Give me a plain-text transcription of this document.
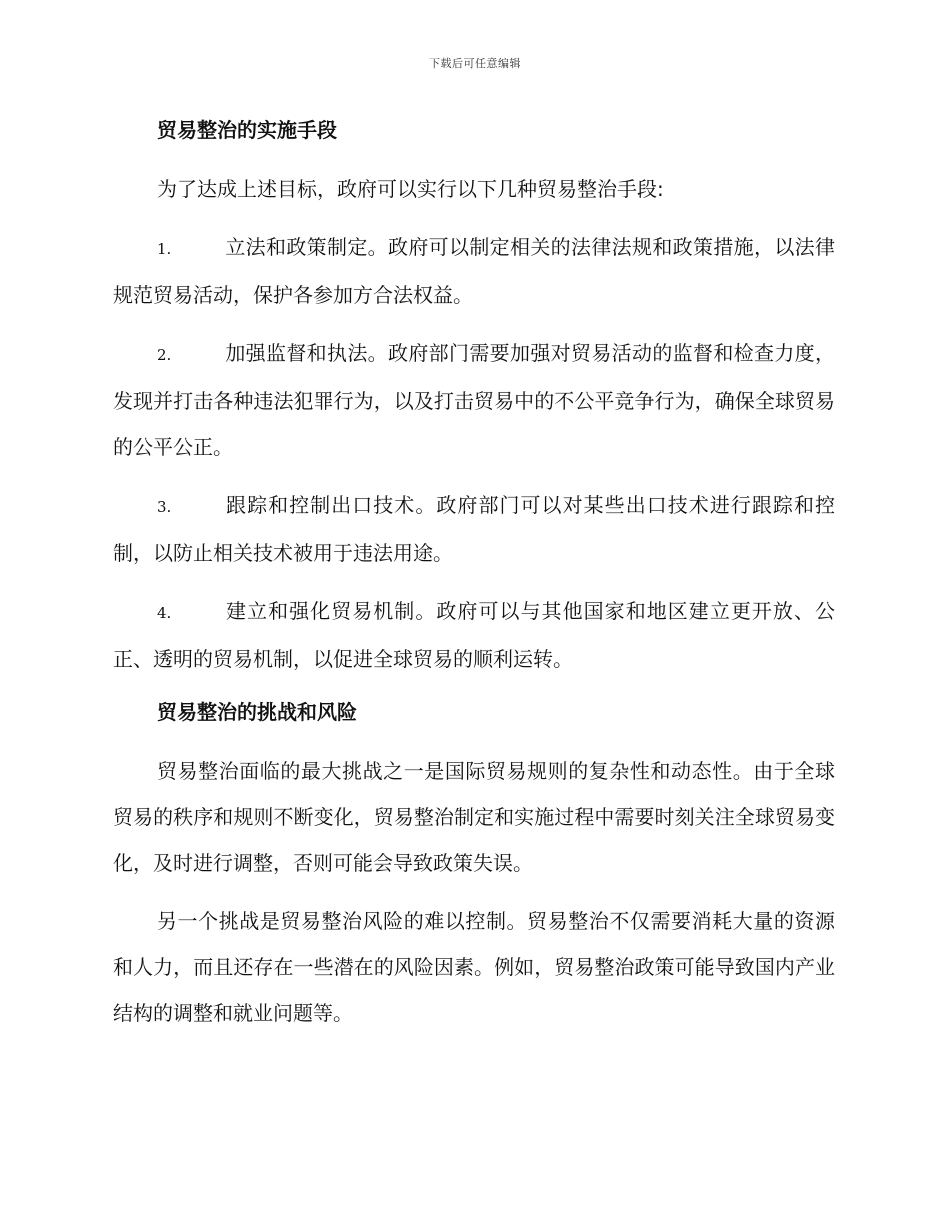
下载后可任意编辑
贸易整治的实施手段

为了达成上述目标，政府可以实行以下几种贸易整治手段:

1.	立法和政策制定。政府可以制定相关的法律法规和政策措施，以法律规范贸易活动，保护各参加方合法权益。

2.	加强监督和执法。政府部门需要加强对贸易活动的监督和检查力度，发现并打击各种违法犯罪行为，以及打击贸易中的不公平竞争行为，确保全球贸易的公平公正。

3.	跟踪和控制出口技术。政府部门可以对某些出口技术进行跟踪和控制，以防止相关技术被用于违法用途。

4.	建立和强化贸易机制。政府可以与其他国家和地区建立更开放、公正、透明的贸易机制，以促进全球贸易的顺利运转。

贸易整治的挑战和风险

贸易整治面临的最大挑战之一是国际贸易规则的复杂性和动态性。由于全球贸易的秩序和规则不断变化，贸易整治制定和实施过程中需要时刻关注全球贸易变化，及时进行调整，否则可能会导致政策失误。

另一个挑战是贸易整治风险的难以控制。贸易整治不仅需要消耗大量的资源和人力，而且还存在一些潜在的风险因素。例如，贸易整治政策可能导致国内产业结构的调整和就业问题等。
